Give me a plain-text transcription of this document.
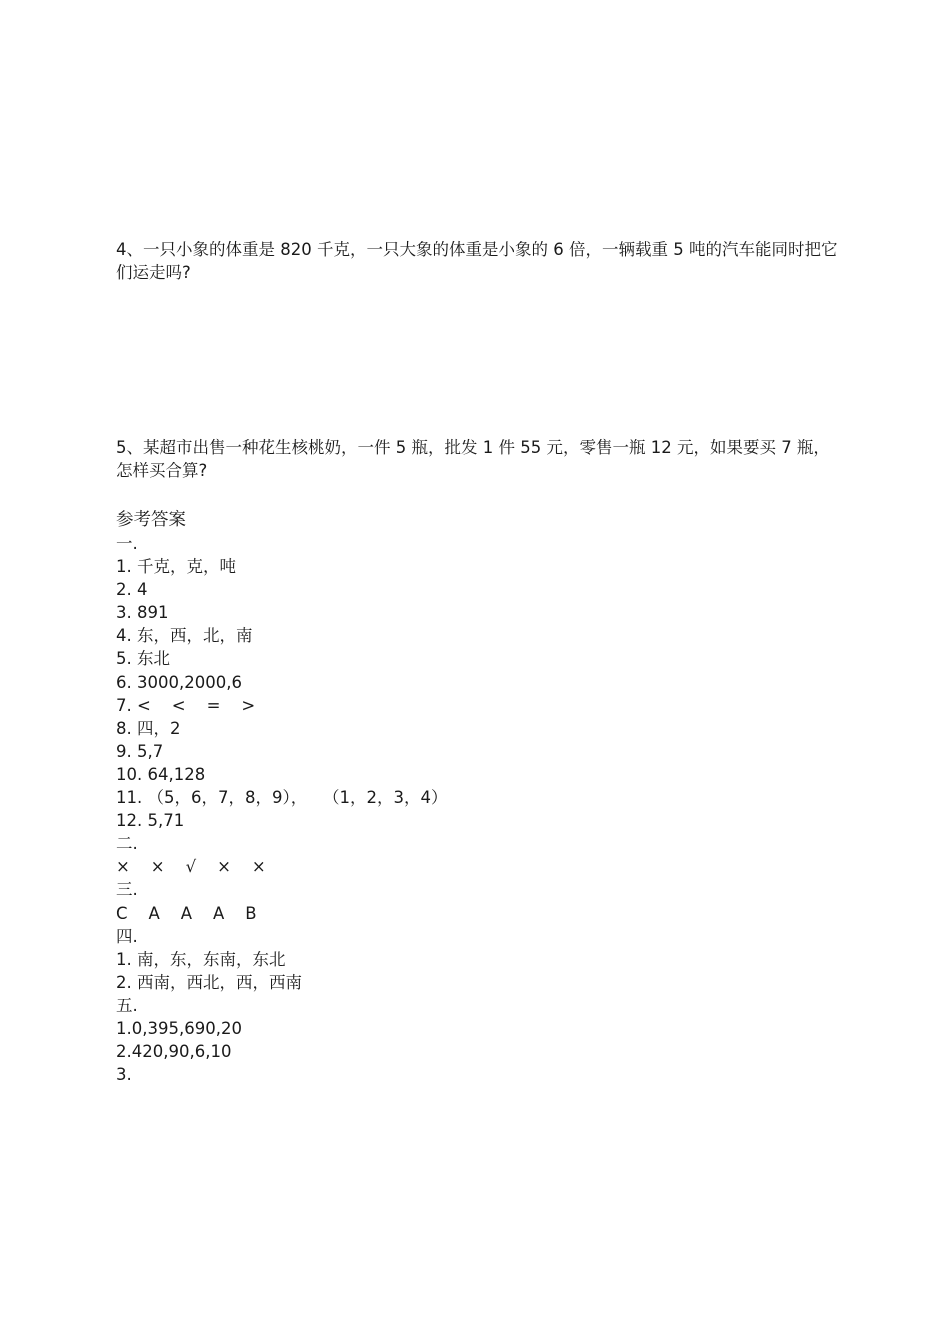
4、一只小象的体重是 820 千克，一只大象的体重是小象的 6 倍，一辆载重 5 吨的汽车能同时把它们运走吗?
5、某超市出售一种花生核桃奶，一件 5 瓶，批发 1 件 55 元，零售一瓶 12 元，如果要买 7 瓶，怎样买合算?
参考答案
一.
1. 千克，克，吨
2. 4
3. 891
4. 东，西，北，南
5. 东北
6. 3000,2000,6
7. <    <    =    >
8. 四，2
9. 5,7
10. 64,128
11. （5，6，7，8，9），   （1，2，3，4）
12. 5,71
二.
×    ×    √    ×    ×
三.
C    A    A    A    B
四.
1. 南，东，东南，东北
2. 西南，西北，西，西南
五.
1.0,395,690,20
2.420,90,6,10
3.
